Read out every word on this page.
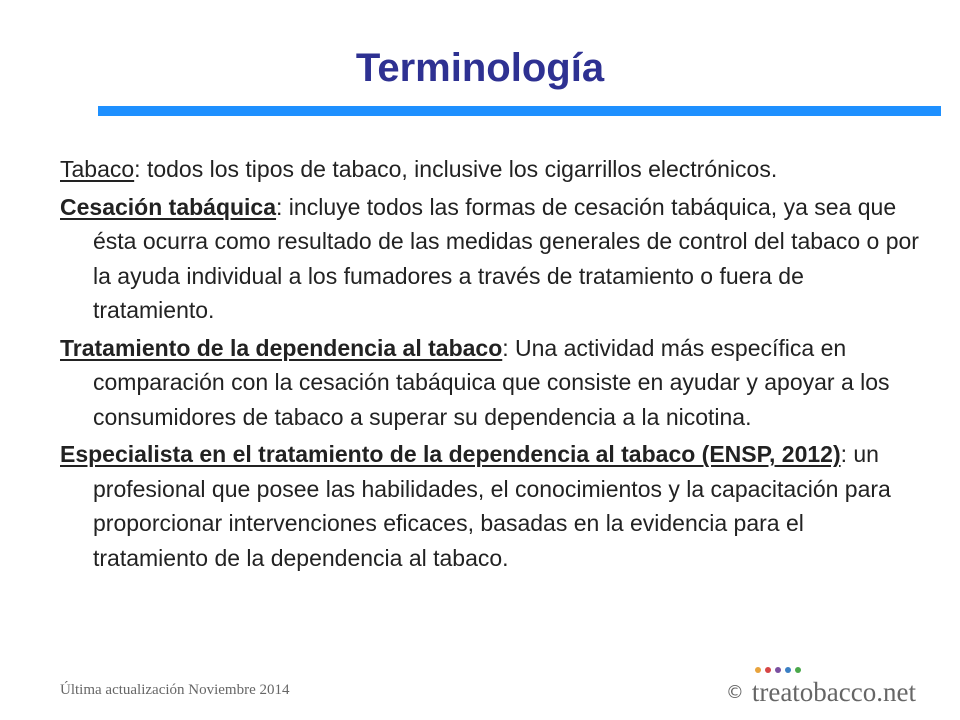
Terminología

Tabaco: todos los tipos de tabaco, inclusive los cigarrillos electrónicos.

Cesación tabáquica: incluye todos las formas de cesación tabáquica, ya sea que ésta ocurra como resultado de las medidas generales de control del tabaco o por la ayuda individual a los fumadores a través de tratamiento o fuera de tratamiento.

Tratamiento de la dependencia al tabaco: Una actividad más específica en comparación con la cesación tabáquica que consiste en ayudar y apoyar a los consumidores de tabaco a superar su dependencia a la nicotina.

Especialista en el tratamiento de la dependencia al tabaco (ENSP, 2012): un profesional que posee las habilidades, el conocimientos y la capacitación para proporcionar intervenciones eficaces, basadas en la evidencia para el tratamiento de la dependencia al tabaco.

Última actualización Noviembre 2014	© treatobacco.net
